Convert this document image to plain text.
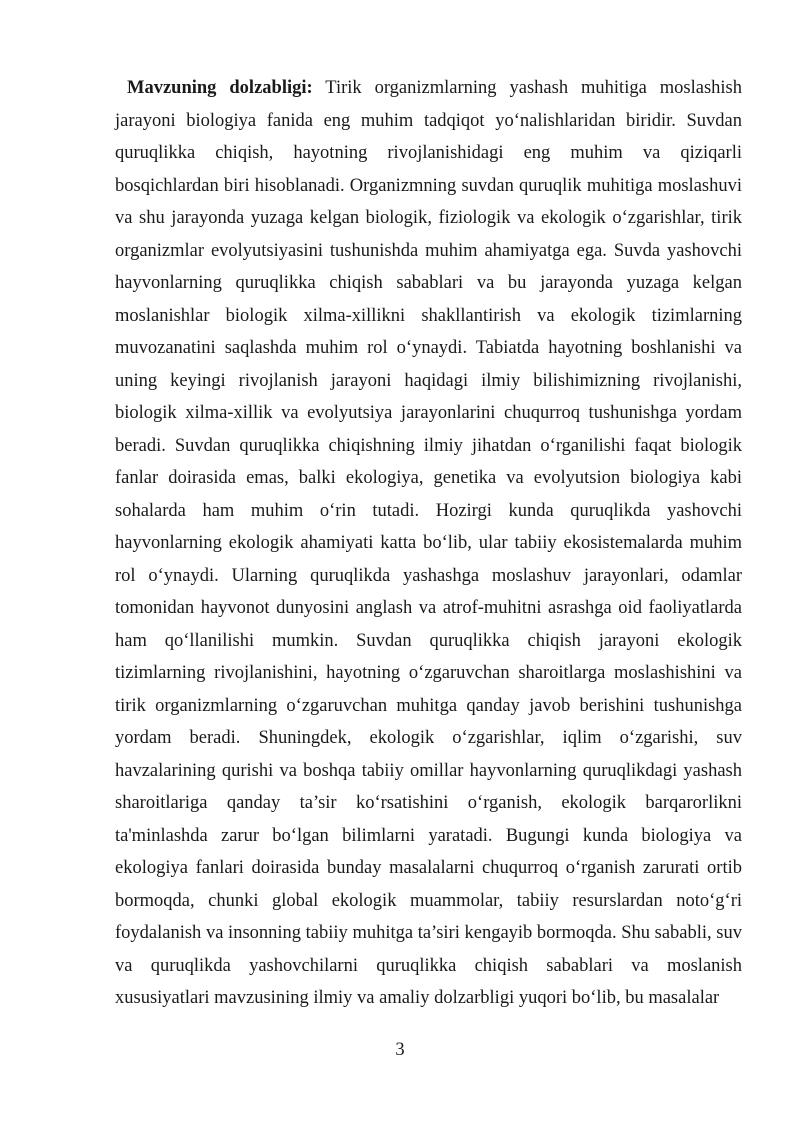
Mavzuning dolzabligi: Tirik organizmlarning yashash muhitiga moslashish jarayoni biologiya fanida eng muhim tadqiqot yo‘nalishlaridan biridir. Suvdan quruqlikka chiqish, hayotning rivojlanishidagi eng muhim va qiziqarli bosqichlardan biri hisoblanadi. Organizmning suvdan quruqlik muhitiga moslashuvi va shu jarayonda yuzaga kelgan biologik, fiziologik va ekologik o‘zgarishlar, tirik organizmlar evolyutsiyasini tushunishda muhim ahamiyatga ega. Suvda yashovchi hayvonlarning quruqlikka chiqish sabablari va bu jarayonda yuzaga kelgan moslanishlar biologik xilma-xillikni shakllantirish va ekologik tizimlarning muvozanatini saqlashda muhim rol o‘ynaydi. Tabiatda hayotning boshlanishi va uning keyingi rivojlanish jarayoni haqidagi ilmiy bilishimizning rivojlanishi, biologik xilma-xillik va evolyutsiya jarayonlarini chuqurroq tushunishga yordam beradi. Suvdan quruqlikka chiqishning ilmiy jihatdan o‘rganilishi faqat biologik fanlar doirasida emas, balki ekologiya, genetika va evolyutsion biologiya kabi sohalarda ham muhim o‘rin tutadi. Hozirgi kunda quruqlikda yashovchi hayvonlarning ekologik ahamiyati katta bo‘lib, ular tabiiy ekosistemalarda muhim rol o‘ynaydi. Ularning quruqlikda yashashga moslashuv jarayonlari, odamlar tomonidan hayvonot dunyosini anglash va atrof-muhitni asrashga oid faoliyatlarda ham qo‘llanilishi mumkin. Suvdan quruqlikka chiqish jarayoni ekologik tizimlarning rivojlanishini, hayotning o‘zgaruvchan sharoitlarga moslashishini va tirik organizmlarning o‘zgaruvchan muhitga qanday javob berishini tushunishga yordam beradi. Shuningdek, ekologik o‘zgarishlar, iqlim o‘zgarishi, suv havzalarining qurishi va boshqa tabiiy omillar hayvonlarning quruqlikdagi yashash sharoitlariga qanday ta’sir ko‘rsatishini o‘rganish, ekologik barqarorlikni ta'minlashda zarur bo‘lgan bilimlarni yaratadi. Bugungi kunda biologiya va ekologiya fanlari doirasida bunday masalalarni chuqurroq o‘rganish zarurati ortib bormoqda, chunki global ekologik muammolar, tabiiy resurslardan noto‘g‘ri foydalanish va insonning tabiiy muhitga ta’siri kengayib bormoqda. Shu sababli, suv va quruqlikda yashovchilarni quruqlikka chiqish sabablari va moslanish xususiyatlari mavzusining ilmiy va amaliy dolzarbligi yuqori bo‘lib, bu masalalar

3
